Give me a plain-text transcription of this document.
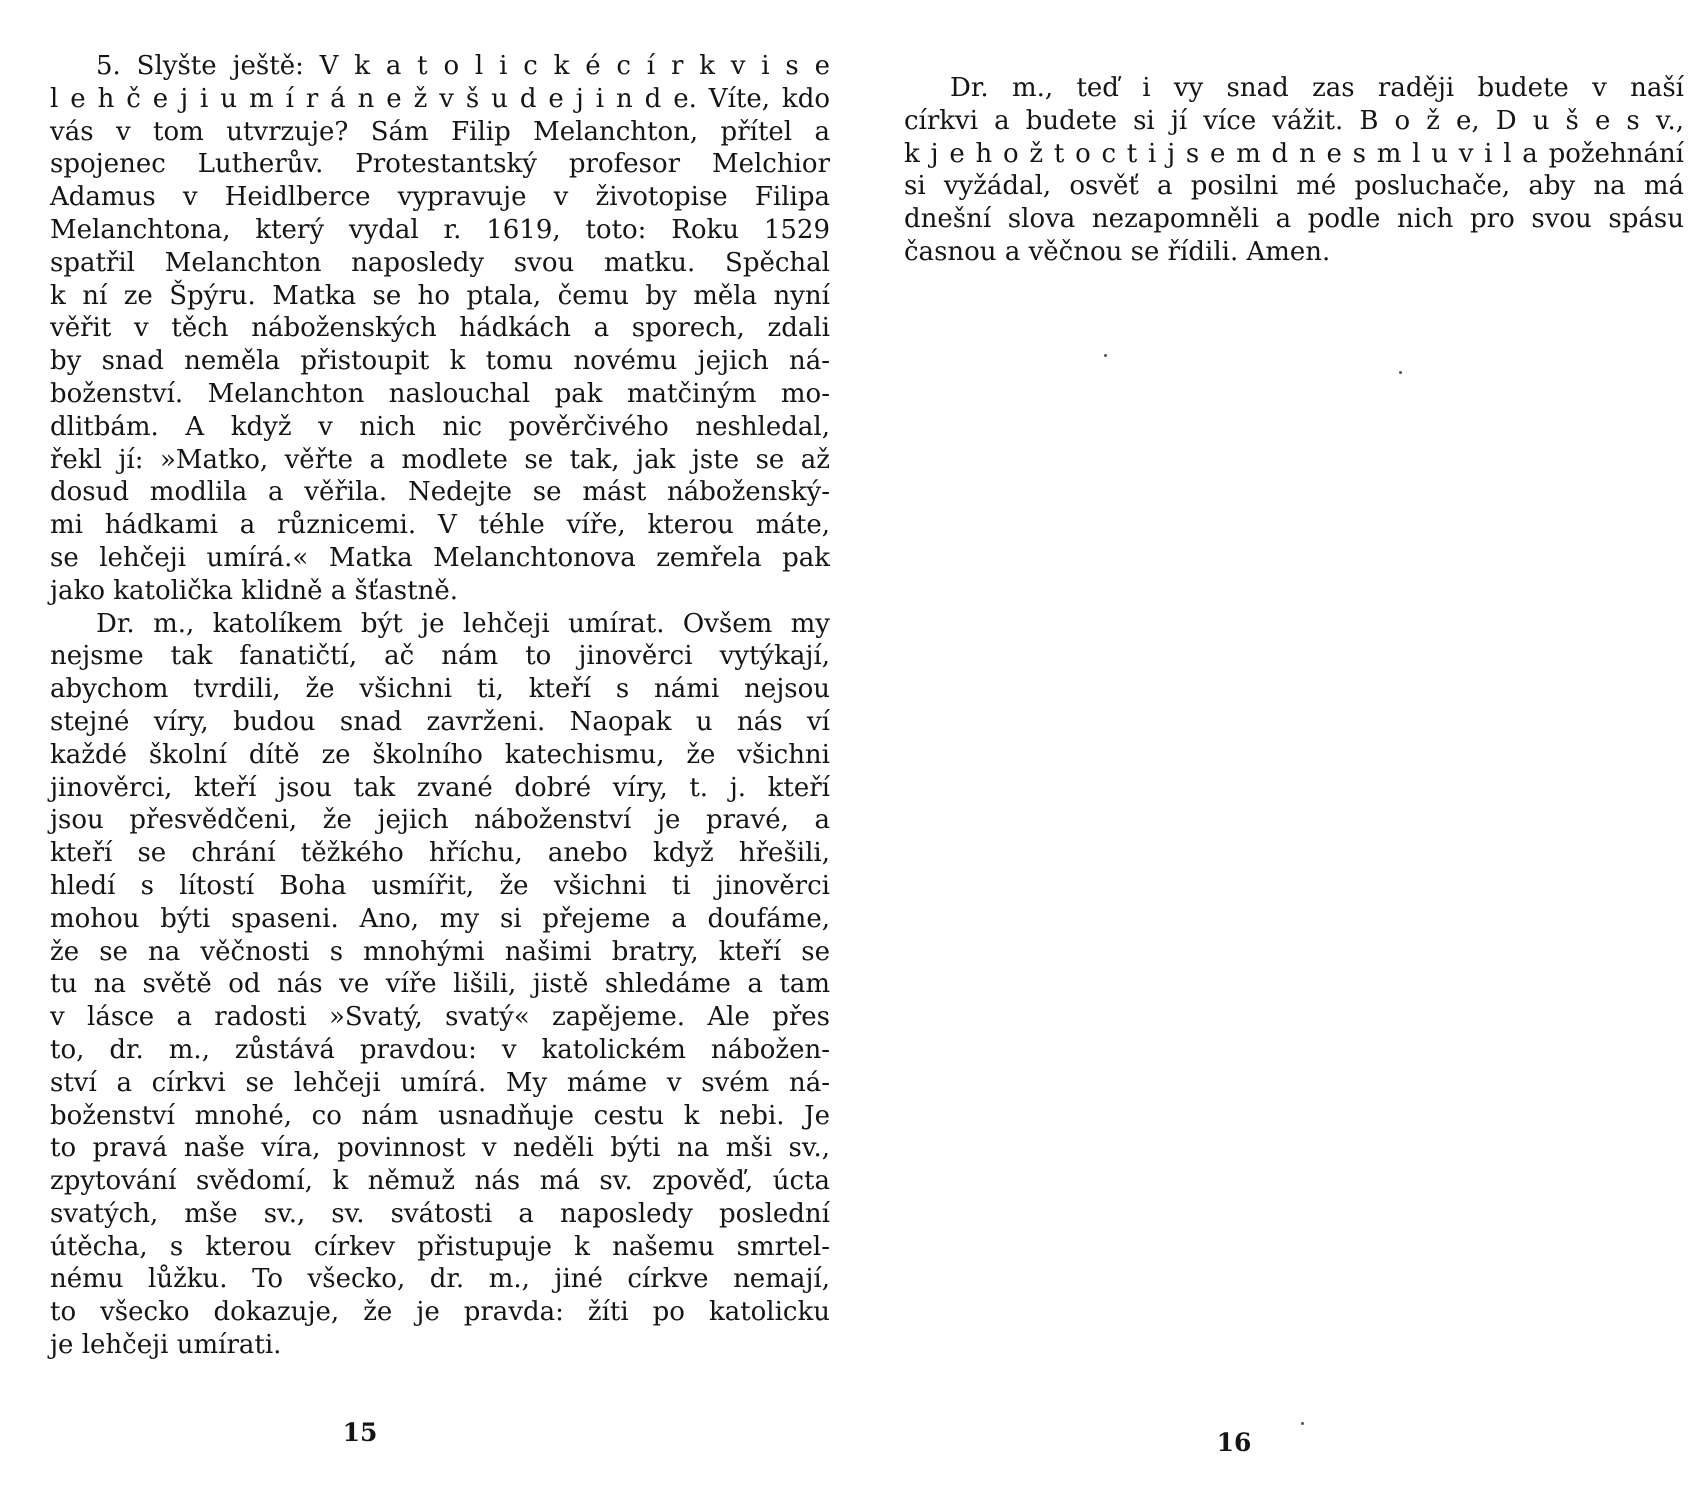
5. Slyšte ještě: V k a t o l i c k é c í r k v i s e
l e h č e j i u m í r á n e ž v š u d e j i n d e. Víte, kdo
vás v tom utvrzuje? Sám Filip Melanchton, přítel a
spojenec Lutherův. Protestantský profesor Melchior
Adamus v Heidlberce vypravuje v životopise Filipa
Melanchtona, který vydal r. 1619, toto: Roku 1529
spatřil Melanchton naposledy svou matku. Spěchal
k ní ze Špýru. Matka se ho ptala, čemu by měla nyní
věřit v těch náboženských hádkách a sporech, zdali
by snad neměla přistoupit k tomu novému jejich ná-
boženství. Melanchton naslouchal pak matčiným mo-
dlitbám. A když v nich nic pověrčivého neshledal,
řekl jí: »Matko, věřte a modlete se tak, jak jste se až
dosud modlila a věřila. Nedejte se mást náboženský-
mi hádkami a různicemi. V téhle víře, kterou máte,
se lehčeji umírá.« Matka Melanchtonova zemřela pak
jako katolička klidně a šťastně.
Dr. m., katolíkem být je lehčeji umírat. Ovšem my
nejsme tak fanatičtí, ač nám to jinověrci vytýkají,
abychom tvrdili, že všichni ti, kteří s námi nejsou
stejné víry, budou snad zavrženi. Naopak u nás ví
každé školní dítě ze školního katechismu, že všichni
jinověrci, kteří jsou tak zvané dobré víry, t. j. kteří
jsou přesvědčeni, že jejich náboženství je pravé, a
kteří se chrání těžkého hříchu, anebo když hřešili,
hledí s lítostí Boha usmířit, že všichni ti jinověrci
mohou býti spaseni. Ano, my si přejeme a doufáme,
že se na věčnosti s mnohými našimi bratry, kteří se
tu na světě od nás ve víře lišili, jistě shledáme a tam
v lásce a radosti »Svatý, svatý« zapějeme. Ale přes
to, dr. m., zůstává pravdou: v katolickém nábožen-
ství a církvi se lehčeji umírá. My máme v svém ná-
boženství mnohé, co nám usnadňuje cestu k nebi. Je
to pravá naše víra, povinnost v neděli býti na mši sv.,
zpytování svědomí, k němuž nás má sv. zpověď, úcta
svatých, mše sv., sv. svátosti a naposledy poslední
útěcha, s kterou církev přistupuje k našemu smrtel-
nému lůžku. To všecko, dr. m., jiné církve nemají,
to všecko dokazuje, že je pravda: žíti po katolicku
je lehčeji umírati.
15
Dr. m., teď i vy snad zas raději budete v naší
církvi a budete si jí více vážit. B o ž e, D u š e s v.,
k j e h o ž t o c t i j s e m d n e s m l u v i l a požehnání
si vyžádal, osvěť a posilni mé posluchače, aby na má
dnešní slova nezapomněli a podle nich pro svou spásu
časnou a věčnou se řídili. Amen.
16
